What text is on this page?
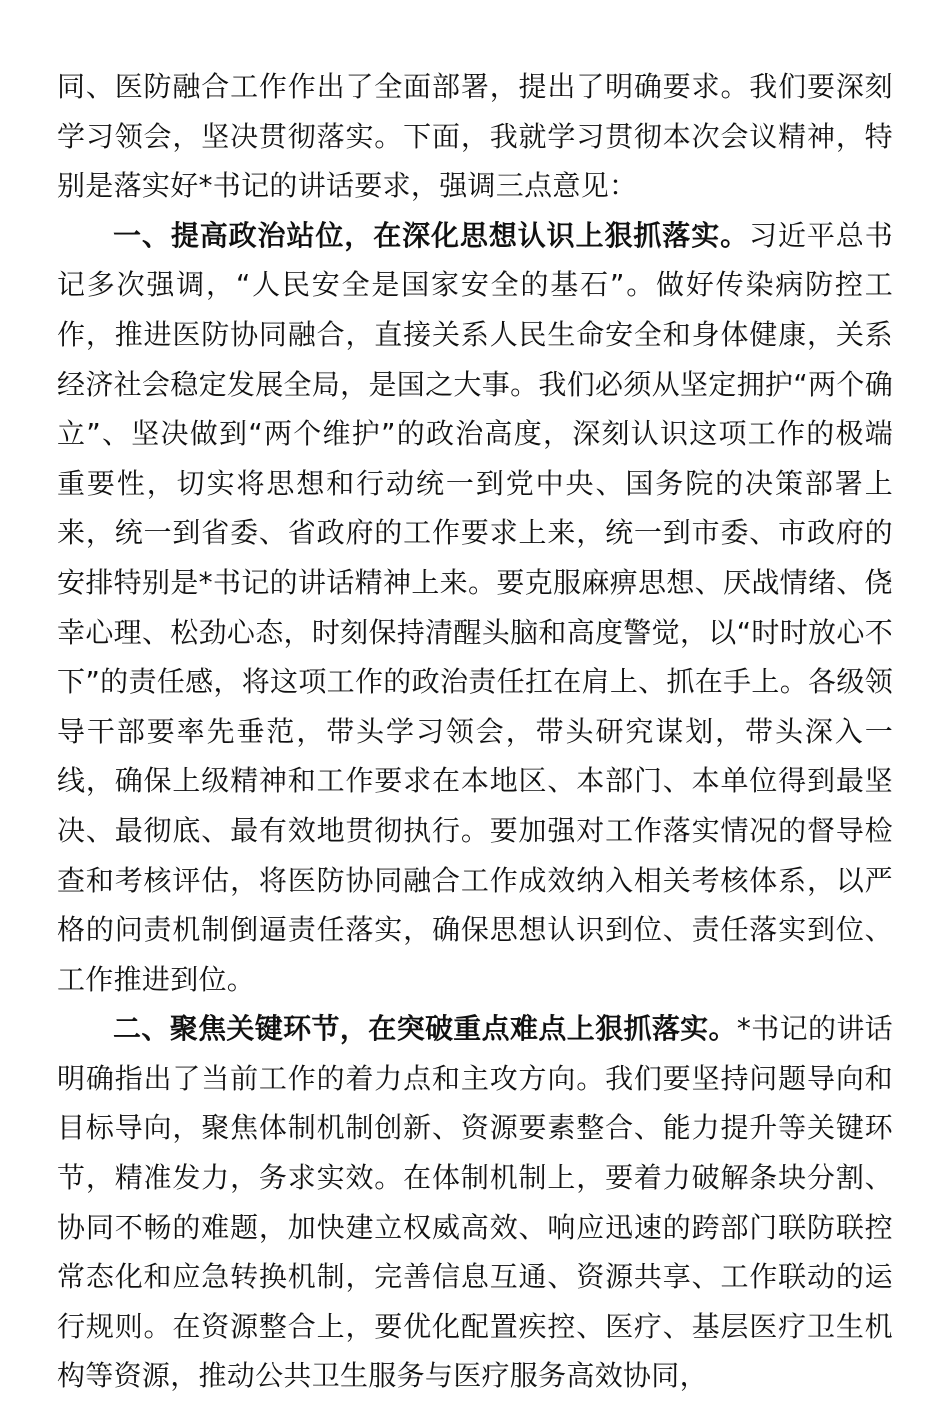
同、医防融合工作作出了全面部署，提出了明确要求。我们要深刻学习领会，坚决贯彻落实。下面，我就学习贯彻本次会议精神，特别是落实好*书记的讲话要求，强调三点意见：

一、提高政治站位，在深化思想认识上狠抓落实。习近平总书记多次强调，“人民安全是国家安全的基石”。做好传染病防控工作，推进医防协同融合，直接关系人民生命安全和身体健康，关系经济社会稳定发展全局，是国之大事。我们必须从坚定拥护“两个确立”、坚决做到“两个维护”的政治高度，深刻认识这项工作的极端重要性，切实将思想和行动统一到党中央、国务院的决策部署上来，统一到省委、省政府的工作要求上来，统一到市委、市政府的安排特别是*书记的讲话精神上来。要克服麻痹思想、厌战情绪、侥幸心理、松劲心态，时刻保持清醒头脑和高度警觉，以“时时放心不下”的责任感，将这项工作的政治责任扛在肩上、抓在手上。各级领导干部要率先垂范，带头学习领会，带头研究谋划，带头深入一线，确保上级精神和工作要求在本地区、本部门、本单位得到最坚决、最彻底、最有效地贯彻执行。要加强对工作落实情况的督导检查和考核评估，将医防协同融合工作成效纳入相关考核体系，以严格的问责机制倒逼责任落实，确保思想认识到位、责任落实到位、工作推进到位。

二、聚焦关键环节，在突破重点难点上狠抓落实。*书记的讲话明确指出了当前工作的着力点和主攻方向。我们要坚持问题导向和目标导向，聚焦体制机制创新、资源要素整合、能力提升等关键环节，精准发力，务求实效。在体制机制上，要着力破解条块分割、协同不畅的难题，加快建立权威高效、响应迅速的跨部门联防联控常态化和应急转换机制，完善信息互通、资源共享、工作联动的运行规则。在资源整合上，要优化配置疾控、医疗、基层医疗卫生机构等资源，推动公共卫生服务与医疗服务高效协同，
